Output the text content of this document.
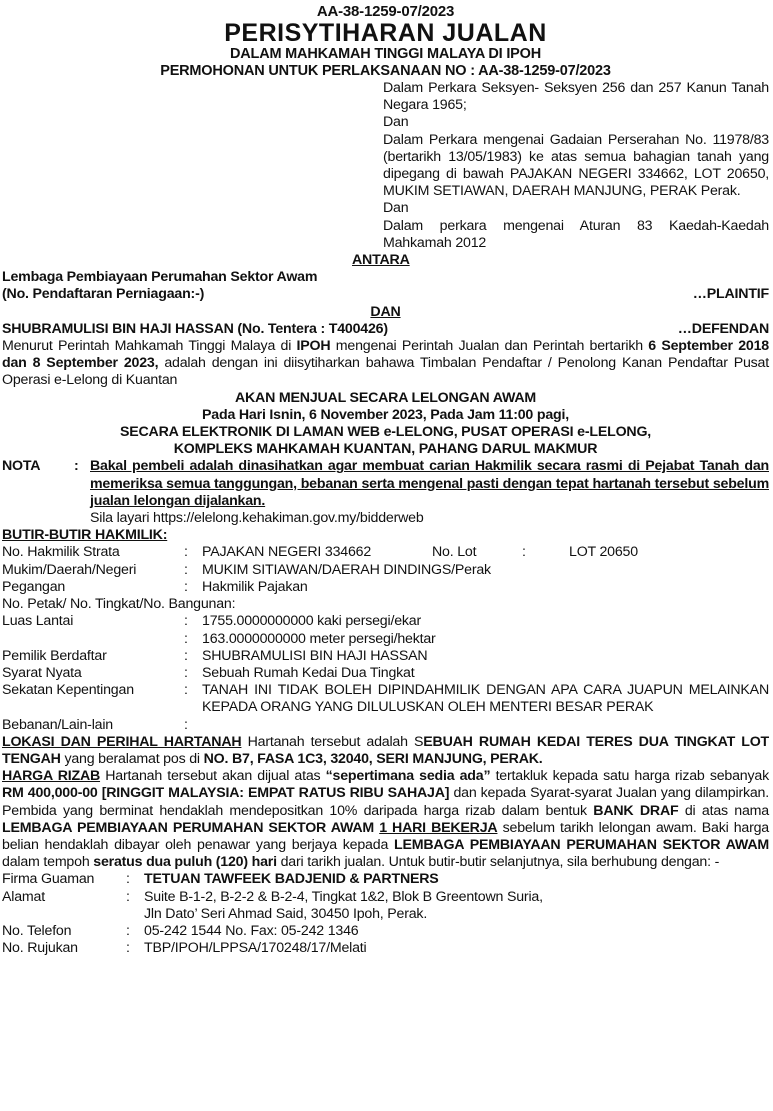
AA-38-1259-07/2023
PERISYTIHARAN JUALAN
DALAM MAHKAMAH TINGGI MALAYA DI IPOH
PERMOHONAN UNTUK PERLAKSANAAN NO : AA-38-1259-07/2023
Dalam Perkara Seksyen- Seksyen 256 dan 257 Kanun Tanah Negara 1965;
Dan
Dalam Perkara mengenai Gadaian Perserahan No. 11978/83 (bertarikh 13/05/1983) ke atas semua bahagian tanah yang dipegang di bawah PAJAKAN NEGERI 334662, LOT 20650, MUKIM SETIAWAN, DAERAH MANJUNG, PERAK Perak.
Dan
Dalam perkara mengenai Aturan 83 Kaedah-Kaedah Mahkamah 2012
ANTARA
Lembaga Pembiayaan Perumahan Sektor Awam
(No. Pendaftaran Perniagaan:-)	…PLAINTIF
DAN
SHUBRAMULISI BIN HAJI HASSAN (No. Tentera : T400426)	…DEFENDAN
Menurut Perintah Mahkamah Tinggi Malaya di IPOH mengenai Perintah Jualan dan Perintah bertarikh 6 September 2018 dan 8 September 2023, adalah dengan ini diisytiharkan bahawa Timbalan Pendaftar / Penolong Kanan Pendaftar Pusat Operasi e-Lelong di Kuantan
AKAN MENJUAL SECARA LELONGAN AWAM
Pada Hari Isnin, 6 November 2023, Pada Jam 11:00 pagi,
SECARA ELEKTRONIK DI LAMAN WEB e-LELONG, PUSAT OPERASI e-LELONG,
KOMPLEKS MAHKAMAH KUANTAN, PAHANG DARUL MAKMUR
NOTA	: Bakal pembeli adalah dinasihatkan agar membuat carian Hakmilik secara rasmi di Pejabat Tanah dan memeriksa semua tanggungan, bebanan serta mengenal pasti dengan tepat hartanah tersebut sebelum jualan lelongan dijalankan.
Sila layari https://elelong.kehakiman.gov.my/bidderweb
BUTIR-BUTIR HAKMILIK:
No. Hakmilik Strata	:	PAJAKAN NEGERI 334662	No. Lot	:	LOT 20650
Mukim/Daerah/Negeri	:	MUKIM SITIAWAN/DAERAH DINDINGS/Perak
Pegangan	:	Hakmilik Pajakan
No. Petak/ No. Tingkat/No. Bangunan:
Luas Lantai	:	1755.0000000000 kaki persegi/ekar
:	163.0000000000 meter persegi/hektar
Pemilik Berdaftar	:	SHUBRAMULISI BIN HAJI HASSAN
Syarat Nyata	:	Sebuah Rumah Kedai Dua Tingkat
Sekatan Kepentingan	:	TANAH INI TIDAK BOLEH DIPINDAHMILIK DENGAN APA CARA JUAPUN MELAINKAN KEPADA ORANG YANG DILULUSKAN OLEH MENTERI BESAR PERAK
Bebanan/Lain-lain	:
LOKASI DAN PERIHAL HARTANAH Hartanah tersebut adalah SEBUAH RUMAH KEDAI TERES DUA TINGKAT LOT TENGAH yang beralamat pos di NO. B7, FASA 1C3, 32040, SERI MANJUNG, PERAK.
HARGA RIZAB Hartanah tersebut akan dijual atas “sepertimana sedia ada” tertakluk kepada satu harga rizab sebanyak RM 400,000-00 [RINGGIT MALAYSIA: EMPAT RATUS RIBU SAHAJA] dan kepada Syarat-syarat Jualan yang dilampirkan. Pembida yang berminat hendaklah mendepositkan 10% daripada harga rizab dalam bentuk BANK DRAF di atas nama LEMBAGA PEMBIAYAAN PERUMAHAN SEKTOR AWAM 1 HARI BEKERJA sebelum tarikh lelongan awam. Baki harga belian hendaklah dibayar oleh penawar yang berjaya kepada LEMBAGA PEMBIAYAAN PERUMAHAN SEKTOR AWAM dalam tempoh seratus dua puluh (120) hari dari tarikh jualan. Untuk butir-butir selanjutnya, sila berhubung dengan: -
Firma Guaman	:	TETUAN TAWFEEK BADJENID & PARTNERS
Alamat	:	Suite B-1-2, B-2-2 & B-2-4, Tingkat 1&2, Blok B Greentown Suria,
Jln Dato’ Seri Ahmad Said, 30450 Ipoh, Perak.
No. Telefon	:	05-242 1544 No. Fax: 05-242 1346
No. Rujukan	:	TBP/IPOH/LPPSA/170248/17/Melati
